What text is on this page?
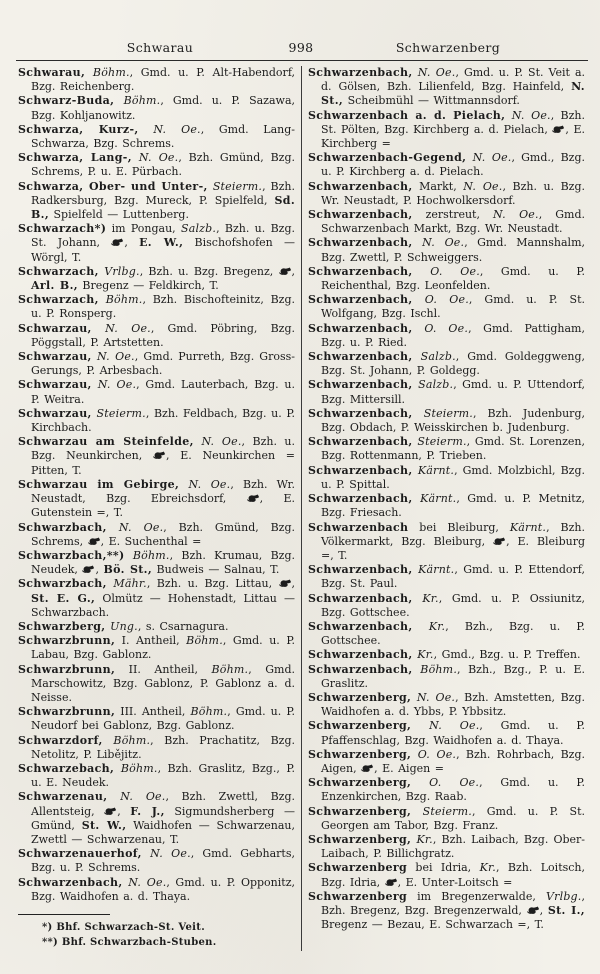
Schwarau	998	Schwarzenberg

Schwarau, Böhm., Gmd. u. P. Alt-Habendorf, Bzg. Reichenberg.

Schwarz-Buda, Böhm., Gmd. u. P. Sazawa, Bzg. Kohljanowitz.

Schwarza, Kurz-, N. Oe., Gmd. Lang-Schwarza, Bzg. Schrems.

Schwarza, Lang-, N. Oe., Bzh. Gmünd, Bzg. Schrems, P. u. E. Pürbach.

Schwarza, Ober- und Unter-, Steierm., Bzh. Radkersburg, Bzg. Mureck, P. Spielfeld, Sd. B., Spielfeld — Luttenberg.

Schwarzach*) im Pongau, Salzb., Bzh. u. Bzg. St. Johann, , E. W., Bischofshofen — Wörgl, T.

Schwarzach, Vrlbg., Bzh. u. Bzg. Bregenz, , Arl. B., Bregenz — Feldkirch, T.

Schwarzach, Böhm., Bzh. Bischofteinitz, Bzg. u. P. Ronsperg.

Schwarzau, N. Oe., Gmd. Pöbring, Bzg. Pöggstall, P. Artstetten.

Schwarzau, N. Oe., Gmd. Purreth, Bzg. Gross-Gerungs, P. Arbesbach.

Schwarzau, N. Oe., Gmd. Lauterbach, Bzg. u. P. Weitra.

Schwarzau, Steierm., Bzh. Feldbach, Bzg. u. P. Kirchbach.

Schwarzau am Steinfelde, N. Oe., Bzh. u. Bzg. Neunkirchen, , E. Neunkirchen = Pitten, T.

Schwarzau im Gebirge, N. Oe., Bzh. Wr. Neustadt, Bzg. Ebreichsdorf, , E. Gutenstein =, T.

Schwarzbach, N. Oe., Bzh. Gmünd, Bzg. Schrems, , E. Suchenthal =

Schwarzbach,**) Böhm., Bzh. Krumau, Bzg. Neudek, , Bö. St., Budweis — Salnau, T.

Schwarzbach, Mähr., Bzh. u. Bzg. Littau, , St. E. G., Olmütz — Hohenstadt, Littau — Schwarzbach.

Schwarzberg, Ung., s. Csarnagura.

Schwarzbrunn, I. Antheil, Böhm., Gmd. u. P. Labau, Bzg. Gablonz.

Schwarzbrunn, II. Antheil, Böhm., Gmd. Marschowitz, Bzg. Gablonz, P. Gablonz a. d. Neisse.

Schwarzbrunn, III. Antheil, Böhm., Gmd. u. P. Neudorf bei Gablonz, Bzg. Gablonz.

Schwarzdorf, Böhm., Bzh. Prachatitz, Bzg. Netolitz, P. Libějitz.

Schwarzebach, Böhm., Bzh. Graslitz, Bzg., P. u. E. Neudek.

Schwarzenau, N. Oe., Bzh. Zwettl, Bzg. Allentsteig, , F. J., Sigmundsherberg — Gmünd, St. W., Waidhofen — Schwarzenau, Zwettl — Schwarzenau, T.

Schwarzenauerhof, N. Oe., Gmd. Gebharts, Bzg. u. P. Schrems.

Schwarzenbach, N. Oe., Gmd. u. P. Opponitz, Bzg. Waidhofen a. d. Thaya.

*) Bhf. Schwarzach-St. Veit.

**) Bhf. Schwarzbach-Stuben.

Schwarzenbach, N. Oe., Gmd. u. P. St. Veit a. d. Gölsen, Bzh. Lilienfeld, Bzg. Hainfeld, N. St., Scheibmühl — Wittmannsdorf.

Schwarzenbach a. d. Pielach, N. Oe., Bzh. St. Pölten, Bzg. Kirchberg a. d. Pielach, , E. Kirchberg =

Schwarzenbach-Gegend, N. Oe., Gmd., Bzg. u. P. Kirchberg a. d. Pielach.

Schwarzenbach, Markt, N. Oe., Bzh. u. Bzg. Wr. Neustadt, P. Hochwolkersdorf.

Schwarzenbach, zerstreut, N. Oe., Gmd. Schwarzenbach Markt, Bzg. Wr. Neustadt.

Schwarzenbach, N. Oe., Gmd. Mannshalm, Bzg. Zwettl, P. Schweiggers.

Schwarzenbach, O. Oe., Gmd. u. P. Reichenthal, Bzg. Leonfelden.

Schwarzenbach, O. Oe., Gmd. u. P. St. Wolfgang, Bzg. Ischl.

Schwarzenbach, O. Oe., Gmd. Pattigham, Bzg. u. P. Ried.

Schwarzenbach, Salzb., Gmd. Goldeggweng, Bzg. St. Johann, P. Goldegg.

Schwarzenbach, Salzb., Gmd. u. P. Uttendorf, Bzg. Mittersill.

Schwarzenbach, Steierm., Bzh. Judenburg, Bzg. Obdach, P. Weisskirchen b. Judenburg.

Schwarzenbach, Steierm., Gmd. St. Lorenzen, Bzg. Rottenmann, P. Trieben.

Schwarzenbach, Kärnt., Gmd. Molzbichl, Bzg. u. P. Spittal.

Schwarzenbach, Kärnt., Gmd. u. P. Metnitz, Bzg. Friesach.

Schwarzenbach bei Bleiburg, Kärnt., Bzh. Völkermarkt, Bzg. Bleiburg, , E. Bleiburg =, T.

Schwarzenbach, Kärnt., Gmd. u. P. Ettendorf, Bzg. St. Paul.

Schwarzenbach, Kr., Gmd. u. P. Ossiunitz, Bzg. Gottschee.

Schwarzenbach, Kr., Bzh., Bzg. u. P. Gottschee.

Schwarzenbach, Kr., Gmd., Bzg. u. P. Treffen.

Schwarzenbach, Böhm., Bzh., Bzg., P. u. E. Graslitz.

Schwarzenberg, N. Oe., Bzh. Amstetten, Bzg. Waidhofen a. d. Ybbs, P. Ybbsitz.

Schwarzenberg, N. Oe., Gmd. u. P. Pfaffenschlag, Bzg. Waidhofen a. d. Thaya.

Schwarzenberg, O. Oe., Bzh. Rohrbach, Bzg. Aigen, , E. Aigen =

Schwarzenberg, O. Oe., Gmd. u. P. Enzenkirchen, Bzg. Raab.

Schwarzenberg, Steierm., Gmd. u. P. St. Georgen am Tabor, Bzg. Franz.

Schwarzenberg, Kr., Bzh. Laibach, Bzg. Ober-Laibach, P. Billichgratz.

Schwarzenberg bei Idria, Kr., Bzh. Loitsch, Bzg. Idria, , E. Unter-Loitsch =

Schwarzenberg im Bregenzerwalde, Vrlbg., Bzh. Bregenz, Bzg. Bregenzerwald, , St. I., Bregenz — Bezau, E. Schwarzach =, T.
